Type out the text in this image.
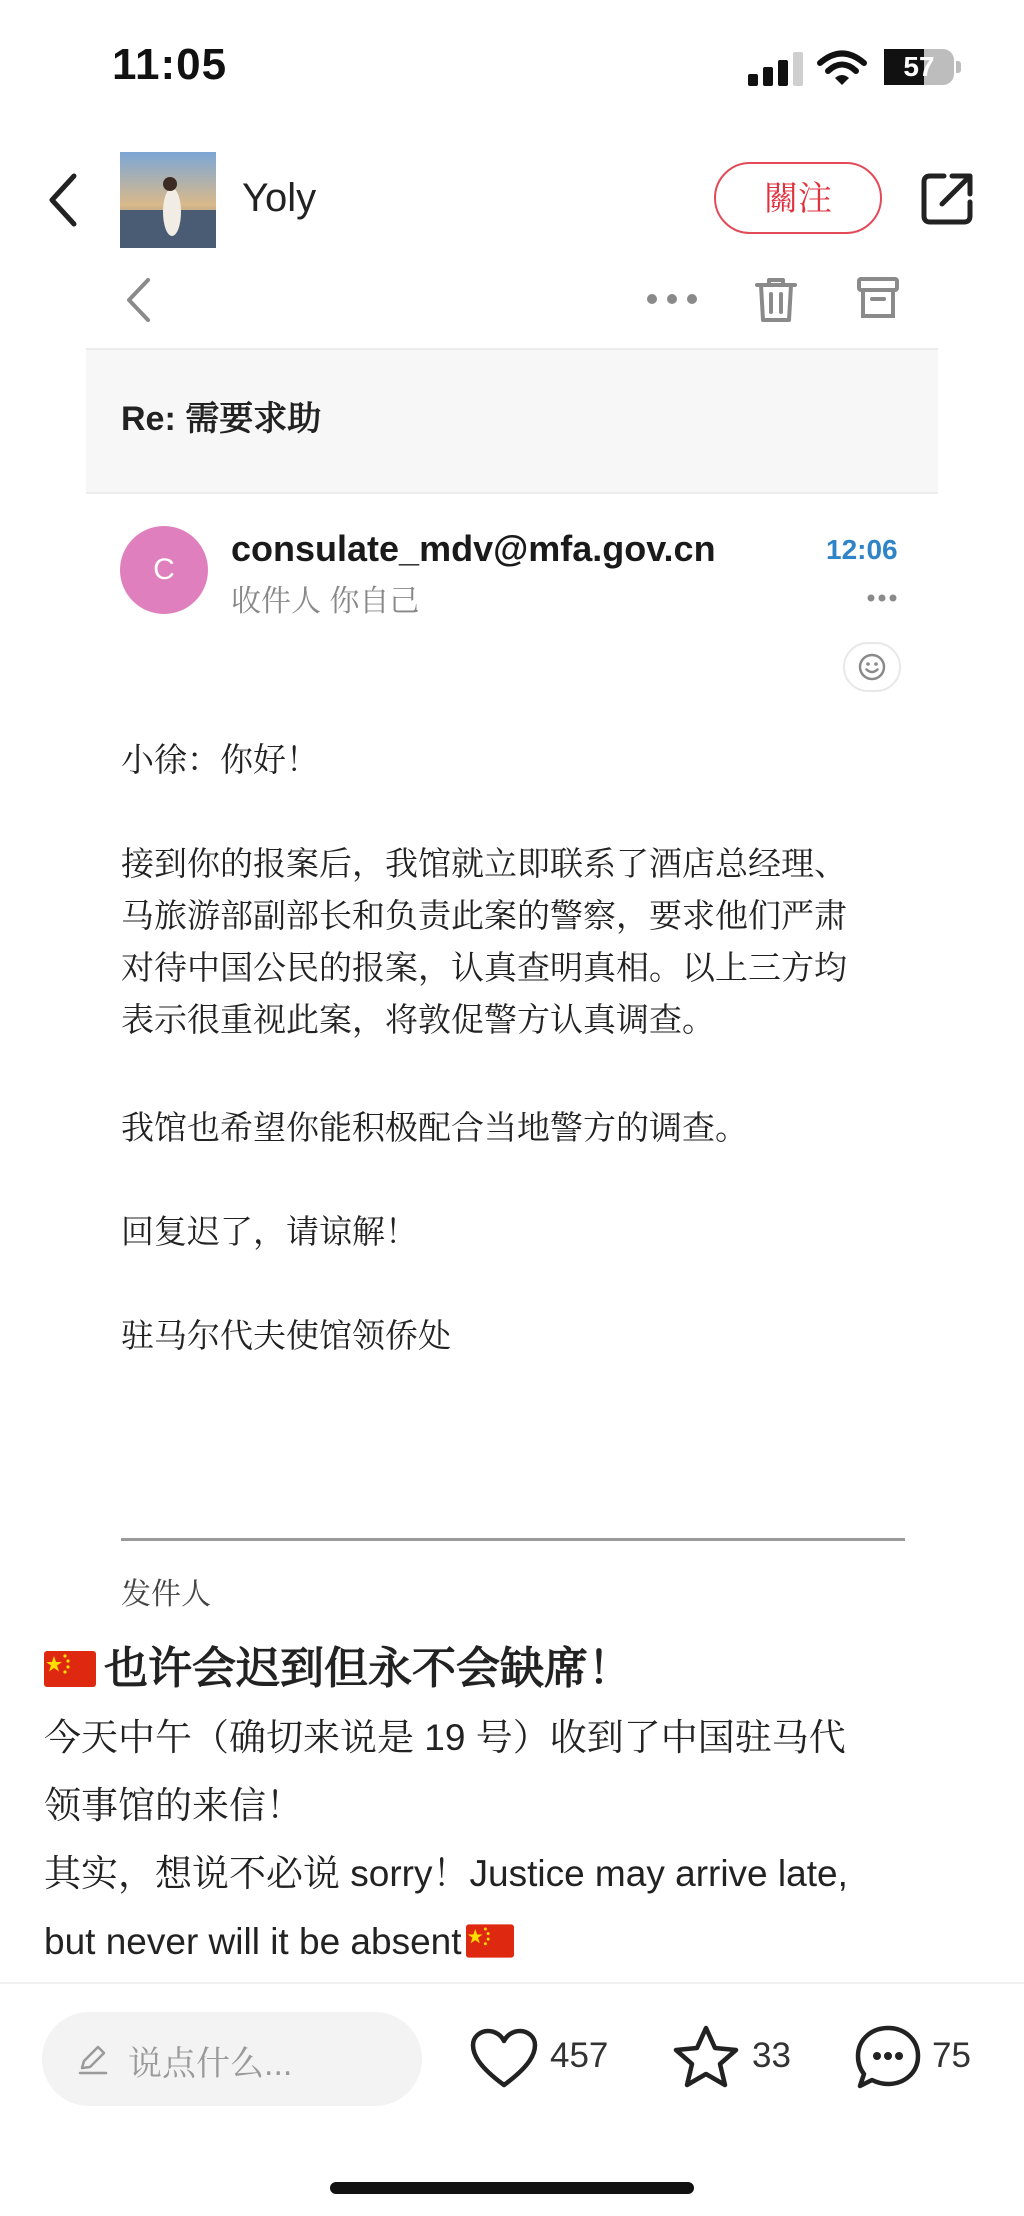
11:05	57
Yoly	關注
Re: 需要求助
C
consulate_mdv@mfa.gov.cn
收件人 你自己
12:06
小徐：你好！
接到你的报案后，我馆就立即联系了酒店总经理、
马旅游部副部长和负责此案的警察，要求他们严肃
对待中国公民的报案，认真查明真相。以上三方均
表示很重视此案，将敦促警方认真调查。
我馆也希望你能积极配合当地警方的调查。
回复迟了，请谅解！
驻马尔代夫使馆领侨处
发件人
也许会迟到但永不会缺席！
今天中午（确切来说是 19 号）收到了中国驻马代
领事馆的来信！
其实，想说不必说 sorry！Justice may arrive late,
but never will it be absent
说点什么...	457	33	75
